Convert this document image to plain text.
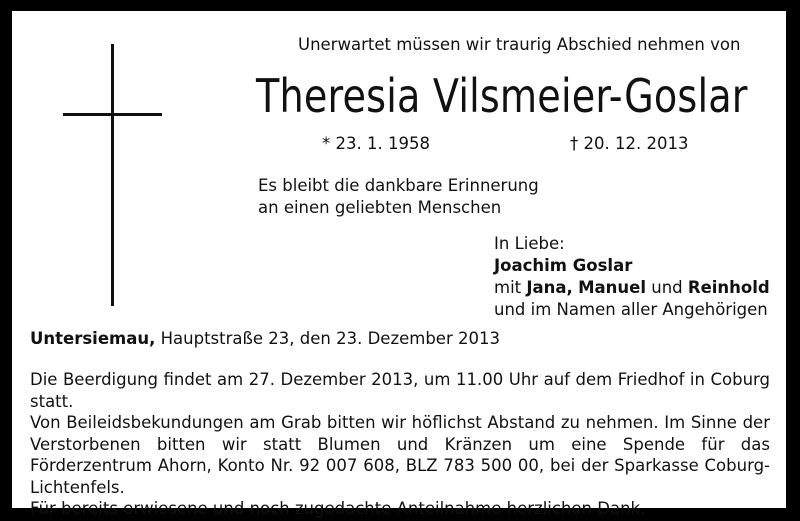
Unerwartet müssen wir traurig Abschied nehmen von
Theresia Vilsmeier-Goslar
* 23. 1. 1958	† 20. 12. 2013
Es bleibt die dankbare Erinnerung
an einen geliebten Menschen
In Liebe:
Joachim Goslar
mit Jana, Manuel und Reinhold
und im Namen aller Angehörigen
Untersiemau, Hauptstraße 23, den 23. Dezember 2013

Die Beerdigung findet am 27. Dezember 2013, um 11.00 Uhr auf dem Friedhof in Coburg statt.

Von Beileidsbekundungen am Grab bitten wir höflichst Abstand zu nehmen. Im Sinne der Verstorbenen bitten wir statt Blumen und Kränzen um eine Spende für das Förderzentrum Ahorn, Konto Nr. 92 007 608, BLZ 783 500 00, bei der Sparkasse Coburg-Lichtenfels.

Für bereits erwiesene und noch zugedachte Anteilnahme herzlichen Dank.
